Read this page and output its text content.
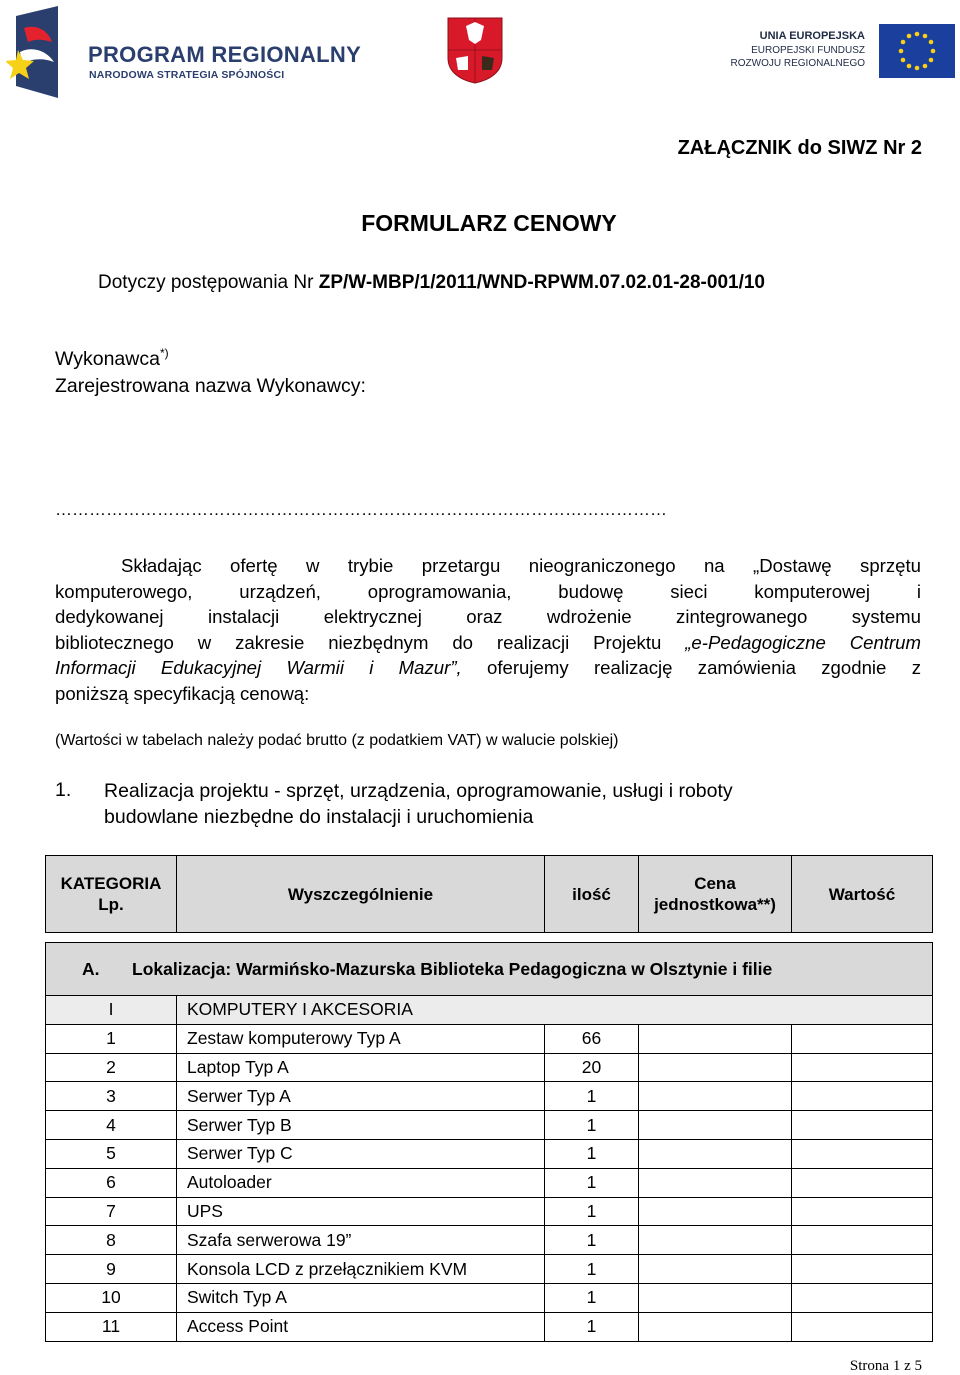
PROGRAM REGIONALNY
NARODOWA STRATEGIA SPÓJNOŚCI
UNIA EUROPEJSKA
EUROPEJSKI FUNDUSZ
ROZWOJU REGIONALNEGO
ZAŁĄCZNIK do SIWZ Nr 2
FORMULARZ CENOWY
Dotyczy postępowania Nr ZP/W-MBP/1/2011/WND-RPWM.07.02.01-28-001/10
Wykonawca*)
Zarejestrowana nazwa Wykonawcy:
………………………………………………………………………………………………
Składając ofertę w trybie przetargu nieograniczonego na „Dostawę sprzętu
komputerowego, urządzeń, oprogramowania, budowę sieci komputerowej i
dedykowanej instalacji elektrycznej oraz wdrożenie zintegrowanego systemu
bibliotecznego w zakresie niezbędnym do realizacji Projektu „e-Pedagogiczne Centrum
Informacji Edukacyjnej Warmii i Mazur”, oferujemy realizację zamówienia zgodnie z
poniższą specyfikacją cenową:
(Wartości w tabelach należy podać brutto (z podatkiem VAT) w walucie polskiej)
1. Realizacja projektu - sprzęt, urządzenia, oprogramowanie, usługi i roboty
budowlane niezbędne do instalacji i uruchomienia
KATEGORIA
Lp.	Wyszczególnienie	ilość	Cena
jednostkowa**)	Wartość
A. Lokalizacja: Warmińsko-Mazurska Biblioteka Pedagogiczna w Olsztynie i filie				
I	KOMPUTERY I AKCESORIA			
1	Zestaw komputerowy Typ A	66		
2	Laptop Typ A	20		
3	Serwer Typ A	1		
4	Serwer Typ B	1		
5	Serwer Typ C	1		
6	Autoloader	1		
7	UPS	1		
8	Szafa serwerowa 19”	1		
9	Konsola LCD z przełącznikiem KVM	1		
10	Switch Typ A	1		
11	Access Point	1		
Strona 1 z 5
